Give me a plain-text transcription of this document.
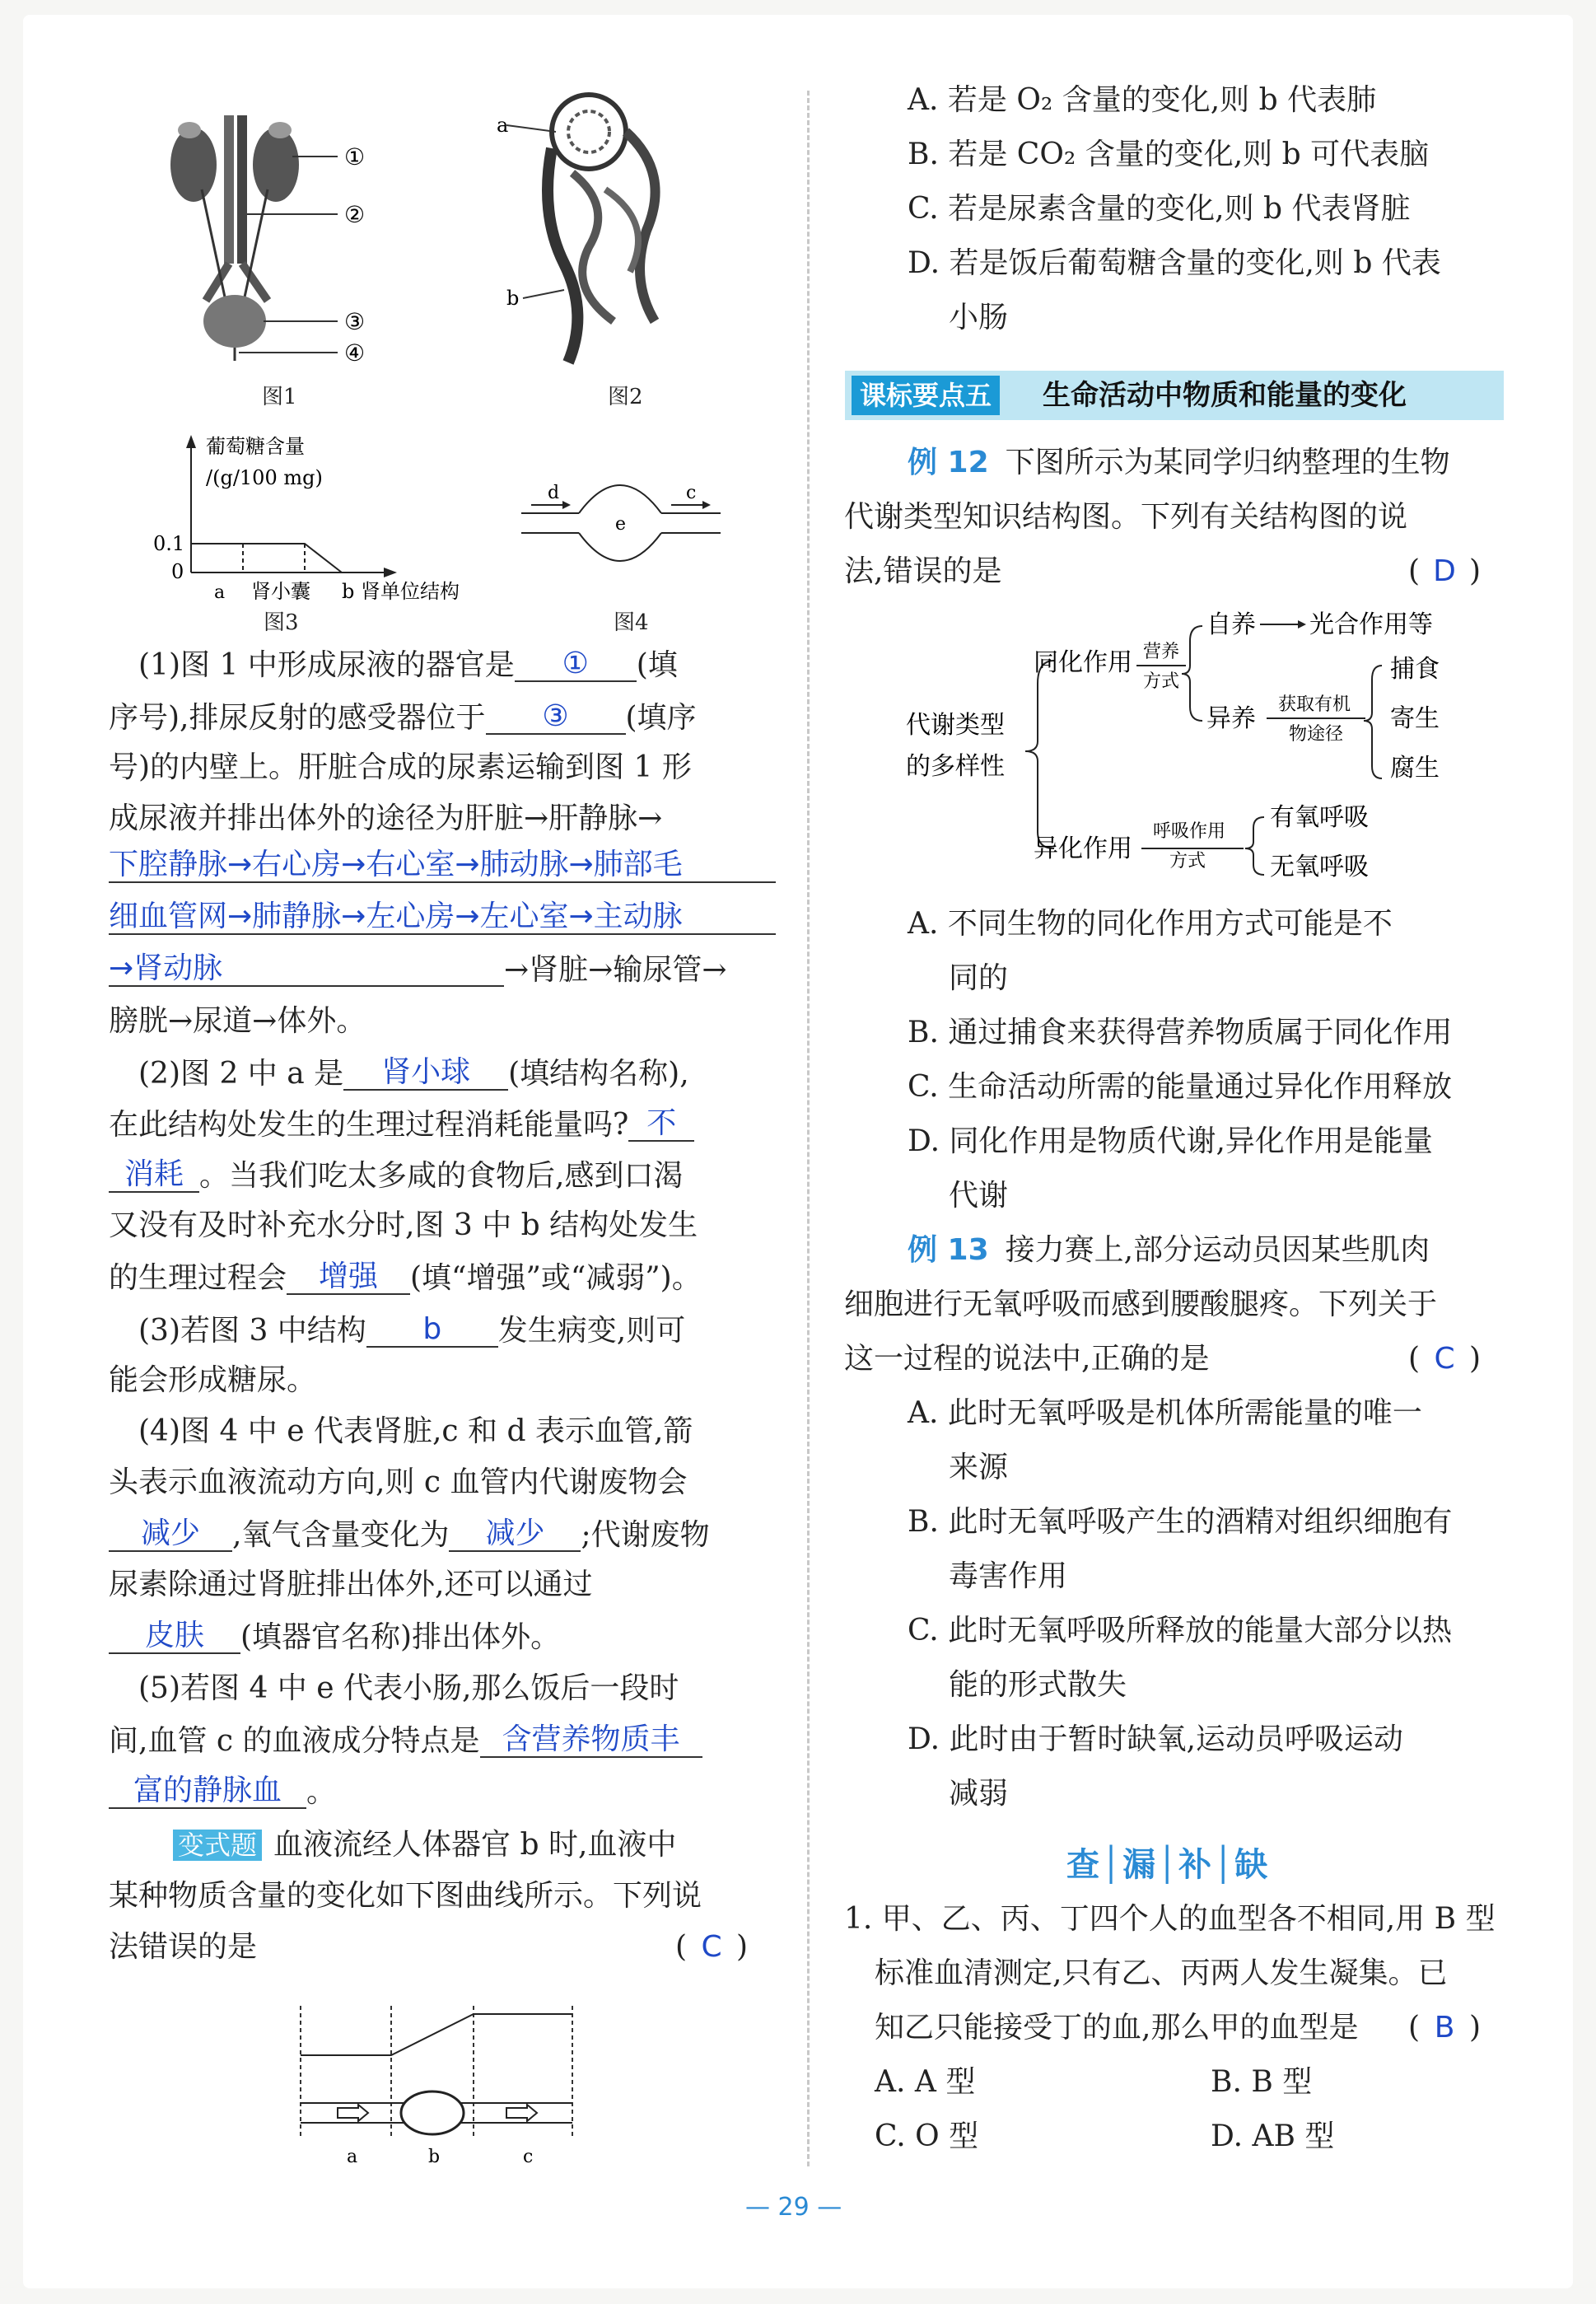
①
②
③
④
图1
a
b
图2
葡萄糖含量
/(g/100 mg)
0.1
0
a 肾小囊 b 肾单位结构
图3
d
e
c
图4
(1)图 1 中形成尿液的器官是 ① (填
序号),排尿反射的感受器位于 ③ (填序
号)的内壁上。肝脏合成的尿素运输到图 1 形
成尿液并排出体外的途径为肝脏→肝静脉→
下腔静脉→右心房→右心室→肺动脉→肺部毛
细血管网→肺静脉→左心房→左心室→主动脉
→肾动脉	→肾脏→输尿管→
膀胱→尿道→体外。
(2)图 2 中 a 是 肾小球 (填结构名称),
在此结构处发生的生理过程消耗能量吗? 不
消耗 。当我们吃太多咸的食物后,感到口渴
又没有及时补充水分时,图 3 中 b 结构处发生
的生理过程会 增强 (填“增强”或“减弱”)。
(3)若图 3 中结构 b 发生病变,则可
能会形成糖尿。
(4)图 4 中 e 代表肾脏,c 和 d 表示血管,箭
头表示血液流动方向,则 c 血管内代谢废物会
减少 ,氧气含量变化为 减少 ;代谢废物
尿素除通过肾脏排出体外,还可以通过
皮肤 (填器官名称)排出体外。
(5)若图 4 中 e 代表小肠,那么饭后一段时
间,血管 c 的血液成分特点是 含营养物质丰
富的静脉血 。
变式题 血液流经人体器官 b 时,血液中
某种物质含量的变化如下图曲线所示。下列说
法错误的是	( C )
a	b	c
A. 若是 O₂ 含量的变化,则 b 代表肺
B. 若是 CO₂ 含量的变化,则 b 可代表脑
C. 若是尿素含量的变化,则 b 代表肾脏
D. 若是饭后葡萄糖含量的变化,则 b 代表
小肠
课标要点五 生命活动中物质和能量的变化
例 12 下图所示为某同学归纳整理的生物
代谢类型知识结构图。下列有关结构图的说
法,错误的是	( D )
代谢类型
的多样性
同化作用 营养
方式
自养 光合作用等
异养 获取有机
物途径
捕食
寄生
腐生
异化作用
呼吸作用
方式
有氧呼吸
无氧呼吸
A. 不同生物的同化作用方式可能是不
同的
B. 通过捕食来获得营养物质属于同化作用
C. 生命活动所需的能量通过异化作用释放
D. 同化作用是物质代谢,异化作用是能量
代谢
例 13 接力赛上,部分运动员因某些肌肉
细胞进行无氧呼吸而感到腰酸腿疼。下列关于
这一过程的说法中,正确的是	( C )
A. 此时无氧呼吸是机体所需能量的唯一
来源
B. 此时无氧呼吸产生的酒精对组织细胞有
毒害作用
C. 此时无氧呼吸所释放的能量大部分以热
能的形式散失
D. 此时由于暂时缺氧,运动员呼吸运动
减弱
查│漏│补│缺
1. 甲、乙、丙、丁四个人的血型各不相同,用 B 型
标准血清测定,只有乙、丙两人发生凝集。已
知乙只能接受丁的血,那么甲的血型是 ( B )
A. A 型	B. B 型
C. O 型	D. AB 型
— 29 —
